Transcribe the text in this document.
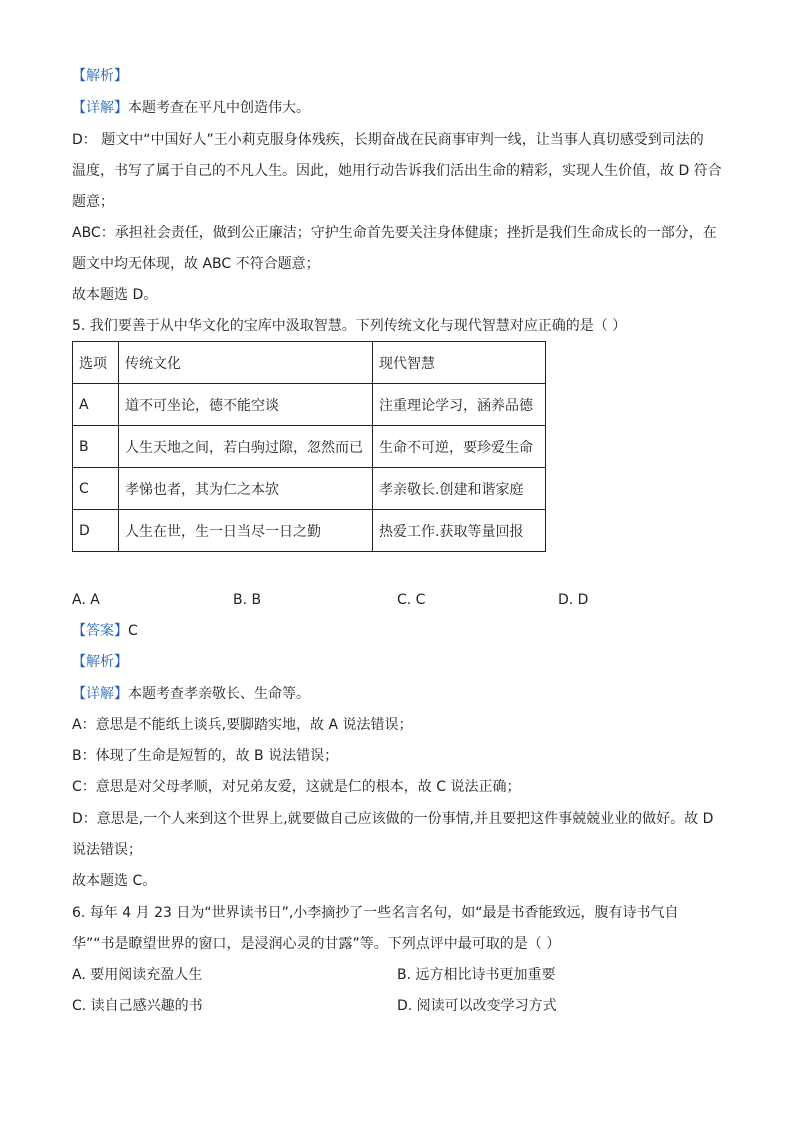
【解析】
【详解】本题考查在平凡中创造伟大。
D： 题文中“中国好人”王小莉克服身体残疾，长期奋战在民商事审判一线，让当事人真切感受到司法的
温度，书写了属于自己的不凡人生。因此，她用行动告诉我们活出生命的精彩，实现人生价值，故 D 符合
题意；
ABC：承担社会责任，做到公正廉洁；守护生命首先要关注身体健康；挫折是我们生命成长的一部分，在
题文中均无体现，故 ABC 不符合题意；
故本题选 D。
5. 我们要善于从中华文化的宝库中汲取智慧。下列传统文化与现代智慧对应正确的是（ ）
选项	传统文化	现代智慧
A	道不可坐论，德不能空谈	注重理论学习，涵养品德
B	人生天地之间，若白驹过隙，忽然而已	生命不可逆，要珍爱生命
C	孝悌也者，其为仁之本欤	孝亲敬长.创建和谐家庭
D	人生在世，生一日当尽一日之勤	热爱工作.获取等量回报
A. A	B. B	C. C	D. D
【答案】C
【解析】
【详解】本题考查孝亲敬长、生命等。
A：意思是不能纸上谈兵,要脚踏实地，故 A 说法错误；
B：体现了生命是短暂的，故 B 说法错误；
C：意思是对父母孝顺，对兄弟友爱，这就是仁的根本，故 C 说法正确；
D：意思是,一个人来到这个世界上,就要做自己应该做的一份事情,并且要把这件事兢兢业业的做好。故 D
说法错误；
故本题选 C。
6. 每年 4 月 23 日为“世界读书日”,小李摘抄了一些名言名句，如“最是书香能致远，腹有诗书气自
华”“书是瞭望世界的窗口，是浸润心灵的甘露”等。下列点评中最可取的是（ ）
A. 要用阅读充盈人生	B. 远方相比诗书更加重要
C. 读自己感兴趣的书	D. 阅读可以改变学习方式
